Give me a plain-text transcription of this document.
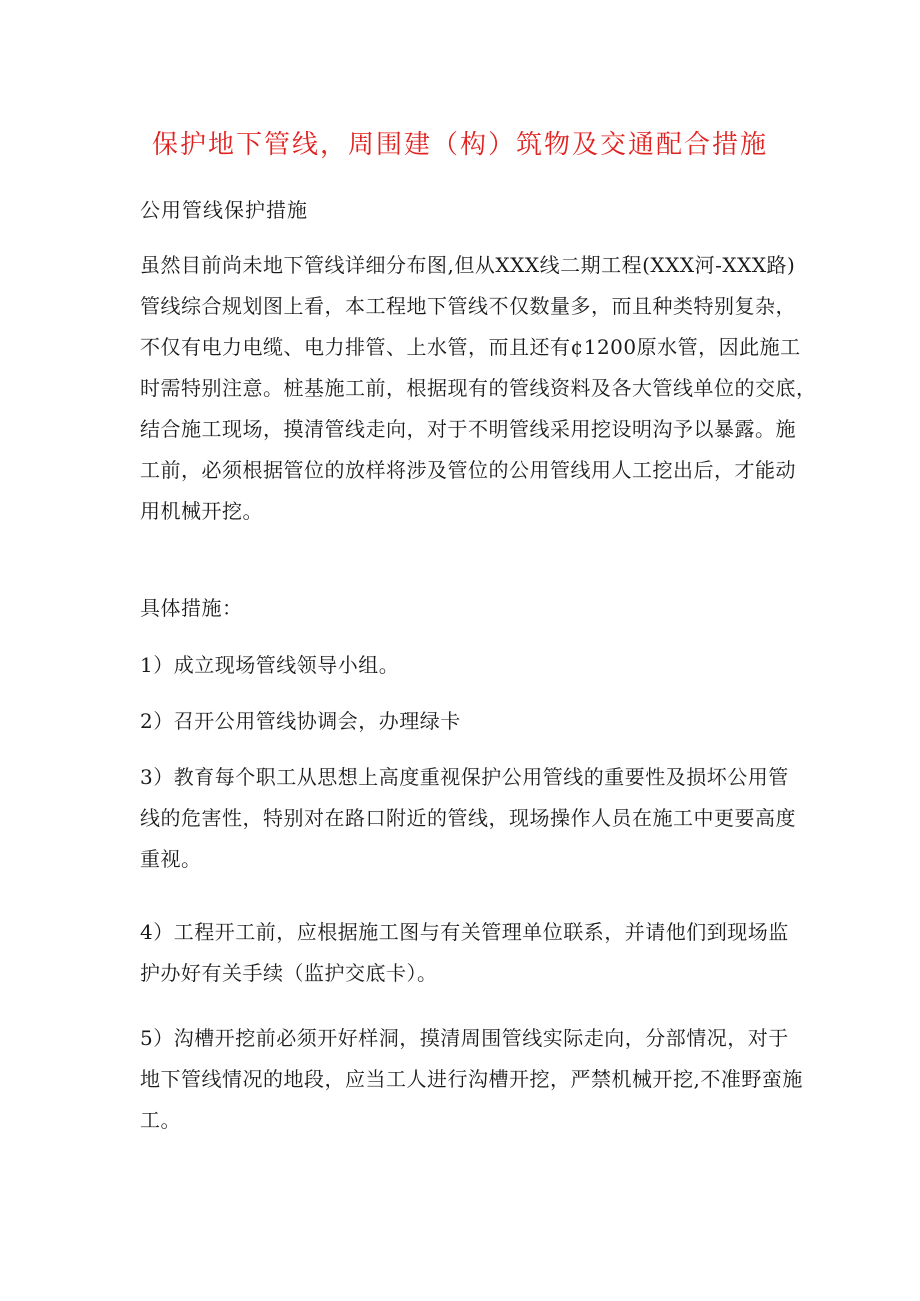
保护地下管线，周围建（构）筑物及交通配合措施
公用管线保护措施
虽然目前尚未地下管线详细分布图,但从XXX线二期工程(XXX河-XXX路)
管线综合规划图上看，本工程地下管线不仅数量多，而且种类特别复杂，
不仅有电力电缆、电力排管、上水管，而且还有¢1200原水管，因此施工
时需特别注意。桩基施工前，根据现有的管线资料及各大管线单位的交底，
结合施工现场，摸清管线走向，对于不明管线采用挖设明沟予以暴露。施
工前，必须根据管位的放样将涉及管位的公用管线用人工挖出后，才能动
用机械开挖。
具体措施：
1）成立现场管线领导小组。
2）召开公用管线协调会，办理绿卡
3）教育每个职工从思想上高度重视保护公用管线的重要性及损坏公用管
线的危害性，特别对在路口附近的管线，现场操作人员在施工中更要高度
重视。
4）工程开工前，应根据施工图与有关管理单位联系，并请他们到现场监
护办好有关手续（监护交底卡）。
5）沟槽开挖前必须开好样洞，摸清周围管线实际走向，分部情况，对于
地下管线情况的地段，应当工人进行沟槽开挖，严禁机械开挖,不准野蛮施
工。
